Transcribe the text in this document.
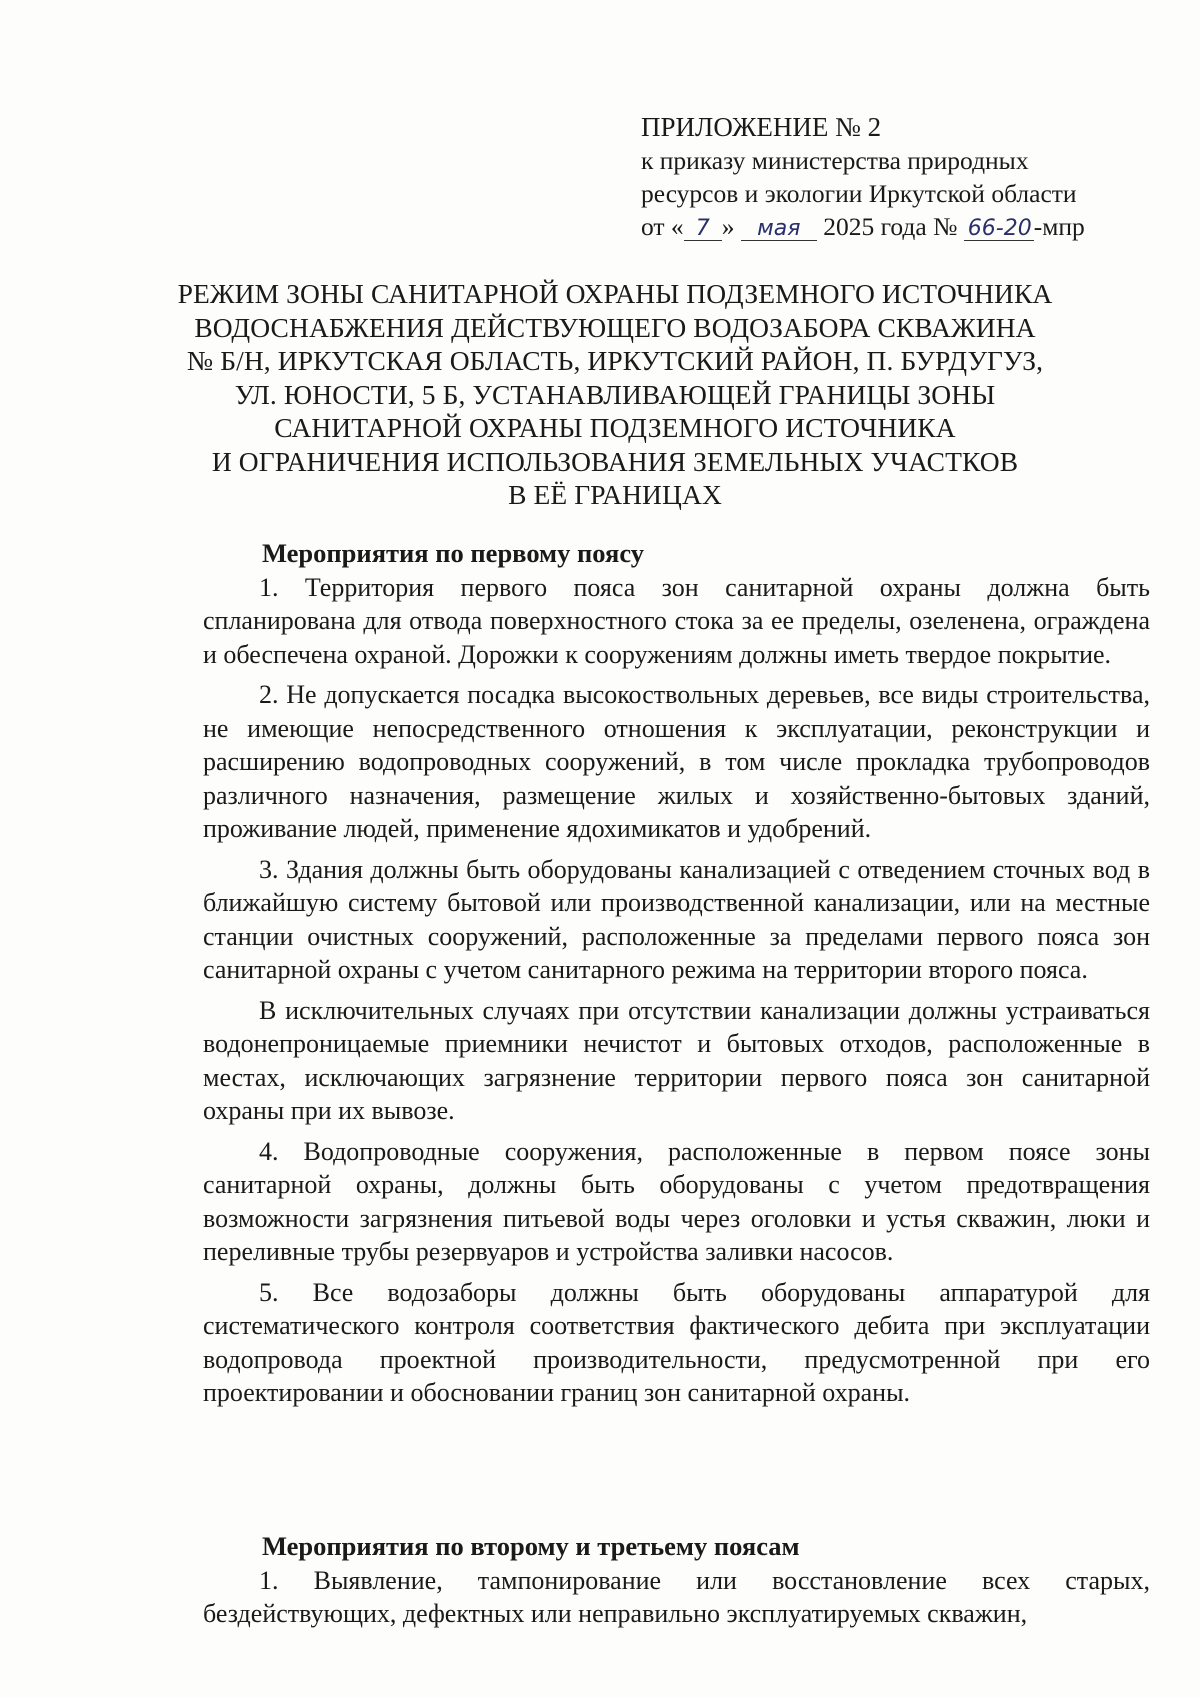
ПРИЛОЖЕНИЕ № 2
к приказу министерства природных
ресурсов и экологии Иркутской области
от « 7 » мая 2025 года № 66-20-мпр
РЕЖИМ ЗОНЫ САНИТАРНОЙ ОХРАНЫ ПОДЗЕМНОГО ИСТОЧНИКА
ВОДОСНАБЖЕНИЯ ДЕЙСТВУЮЩЕГО ВОДОЗАБОРА СКВАЖИНА
№ Б/Н, ИРКУТСКАЯ ОБЛАСТЬ, ИРКУТСКИЙ РАЙОН, П. БУРДУГУЗ,
УЛ. ЮНОСТИ, 5 Б, УСТАНАВЛИВАЮЩЕЙ ГРАНИЦЫ ЗОНЫ
САНИТАРНОЙ ОХРАНЫ ПОДЗЕМНОГО ИСТОЧНИКА
И ОГРАНИЧЕНИЯ ИСПОЛЬЗОВАНИЯ ЗЕМЕЛЬНЫХ УЧАСТКОВ
В ЕЁ ГРАНИЦАХ
Мероприятия по первому поясу

1. Территория первого пояса зон санитарной охраны должна быть спланирована для отвода поверхностного стока за ее пределы, озеленена, ограждена и обеспечена охраной. Дорожки к сооружениям должны иметь твердое покрытие.

2. Не допускается посадка высокоствольных деревьев, все виды строительства, не имеющие непосредственного отношения к эксплуатации, реконструкции и расширению водопроводных сооружений, в том числе прокладка трубопроводов различного назначения, размещение жилых и хозяйственно-бытовых зданий, проживание людей, применение ядохимикатов и удобрений.

3. Здания должны быть оборудованы канализацией с отведением сточных вод в ближайшую систему бытовой или производственной канализации, или на местные станции очистных сооружений, расположенные за пределами первого пояса зон санитарной охраны с учетом санитарного режима на территории второго пояса.

В исключительных случаях при отсутствии канализации должны устраиваться водонепроницаемые приемники нечистот и бытовых отходов, расположенные в местах, исключающих загрязнение территории первого пояса зон санитарной охраны при их вывозе.

4. Водопроводные сооружения, расположенные в первом поясе зоны санитарной охраны, должны быть оборудованы с учетом предотвращения возможности загрязнения питьевой воды через оголовки и устья скважин, люки и переливные трубы резервуаров и устройства заливки насосов.

5. Все водозаборы должны быть оборудованы аппаратурой для систематического контроля соответствия фактического дебита при эксплуатации водопровода проектной производительности, предусмотренной при его проектировании и обосновании границ зон санитарной охраны.

Мероприятия по второму и третьему поясам

1. Выявление, тампонирование или восстановление всех старых, бездействующих, дефектных или неправильно эксплуатируемых скважин,
